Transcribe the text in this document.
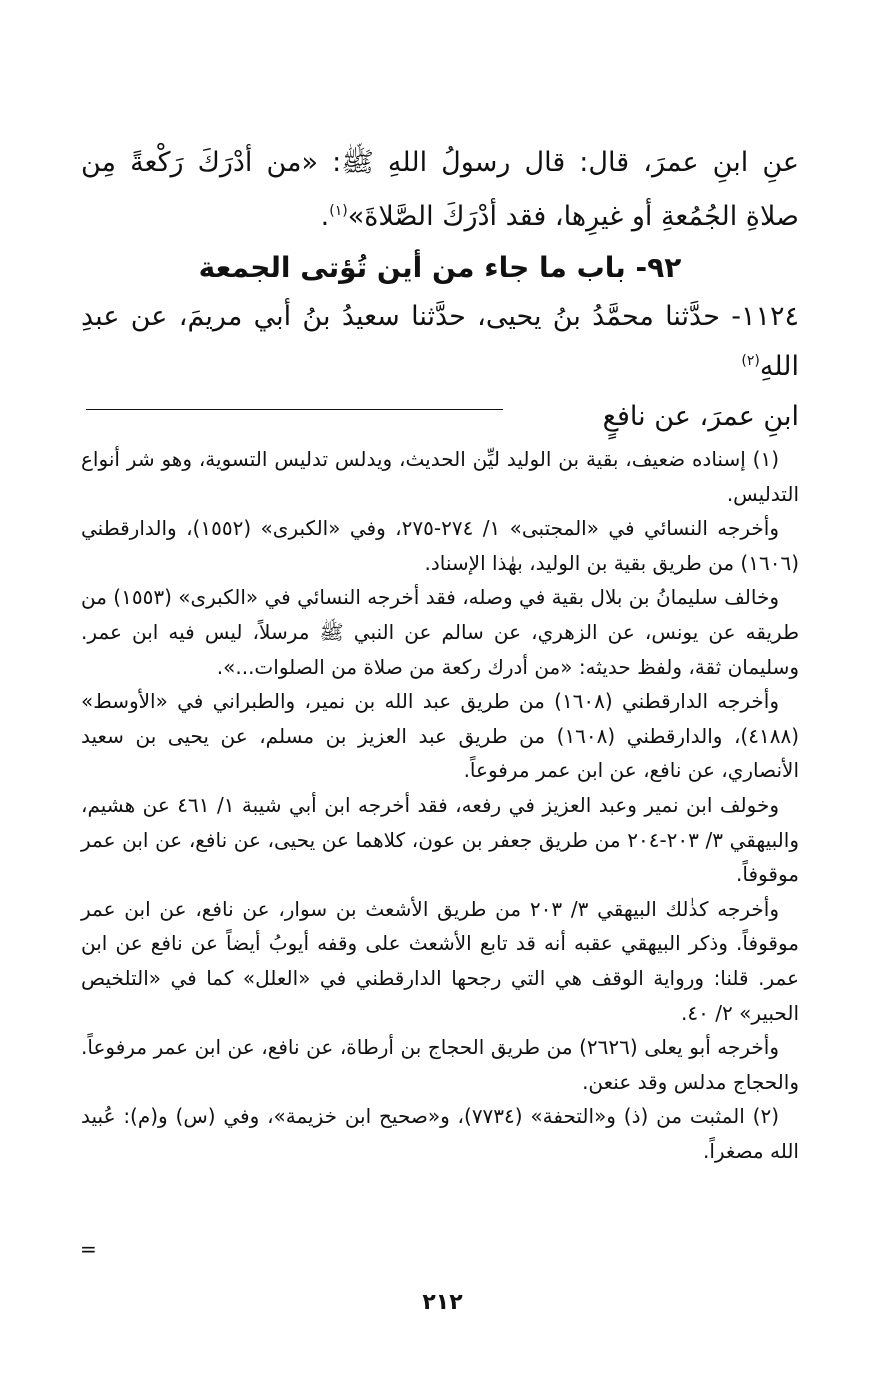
عنِ ابنِ عمرَ، قال: قال رسولُ اللهِ ﷺ: «من أدْرَكَ رَكْعةً مِن صلاةِ الجُمُعةِ أو غيرِها، فقد أدْرَكَ الصَّلاةَ»$^{(١)}$.

٩٢- باب ما جاء من أين تُؤتى الجمعة

١١٢٤- حدَّثنا محمَّدُ بنُ يحيى، حدَّثنا سعيدُ بنُ أبي مريمَ، عن عبدِ اللهِ$^{(٢)}$
ابنِ عمرَ، عن نافعٍ

(١) إسناده ضعيف، بقية بن الوليد ليِّن الحديث، ويدلس تدليس التسوية، وهو شر أنواع التدليس.

وأخرجه النسائي في «المجتبى» ١/ ٢٧٤-٢٧٥، وفي «الكبرى» (١٥٥٢)، والدارقطني (١٦٠٦) من طريق بقية بن الوليد، بهٰذا الإسناد.

وخالف سليمانُ بن بلال بقية في وصله، فقد أخرجه النسائي في «الكبرى» (١٥٥٣) من طريقه عن يونس، عن الزهري، عن سالم عن النبي ﷺ مرسلاً، ليس فيه ابن عمر. وسليمان ثقة، ولفظ حديثه: «من أدرك ركعة من صلاة من الصلوات...».

وأخرجه الدارقطني (١٦٠٨) من طريق عبد الله بن نمير، والطبراني في «الأوسط» (٤١٨٨)، والدارقطني (١٦٠٨) من طريق عبد العزيز بن مسلم، عن يحيى بن سعيد الأنصاري، عن نافع، عن ابن عمر مرفوعاً.

وخولف ابن نمير وعبد العزيز في رفعه، فقد أخرجه ابن أبي شيبة ١/ ٤٦١ عن هشيم، والبيهقي ٣/ ٢٠٣-٢٠٤ من طريق جعفر بن عون، كلاهما عن يحيى، عن نافع، عن ابن عمر موقوفاً.

وأخرجه كذٰلك البيهقي ٣/ ٢٠٣ من طريق الأشعث بن سوار، عن نافع، عن ابن عمر موقوفاً. وذكر البيهقي عقبه أنه قد تابع الأشعث على وقفه أيوبُ أيضاً عن نافع عن ابن عمر. قلنا: ورواية الوقف هي التي رجحها الدارقطني في «العلل» كما في «التلخيص الحبير» ٢/ ٤٠.

وأخرجه أبو يعلى (٢٦٢٦) من طريق الحجاج بن أرطاة، عن نافع، عن ابن عمر مرفوعاً. والحجاج مدلس وقد عنعن.

(٢) المثبت من (ذ) و«التحفة» (٧٧٣٤)، و«صحيح ابن خزيمة»، وفي (س) و(م): عُبيد الله مصغراً.

=
٢١٢
